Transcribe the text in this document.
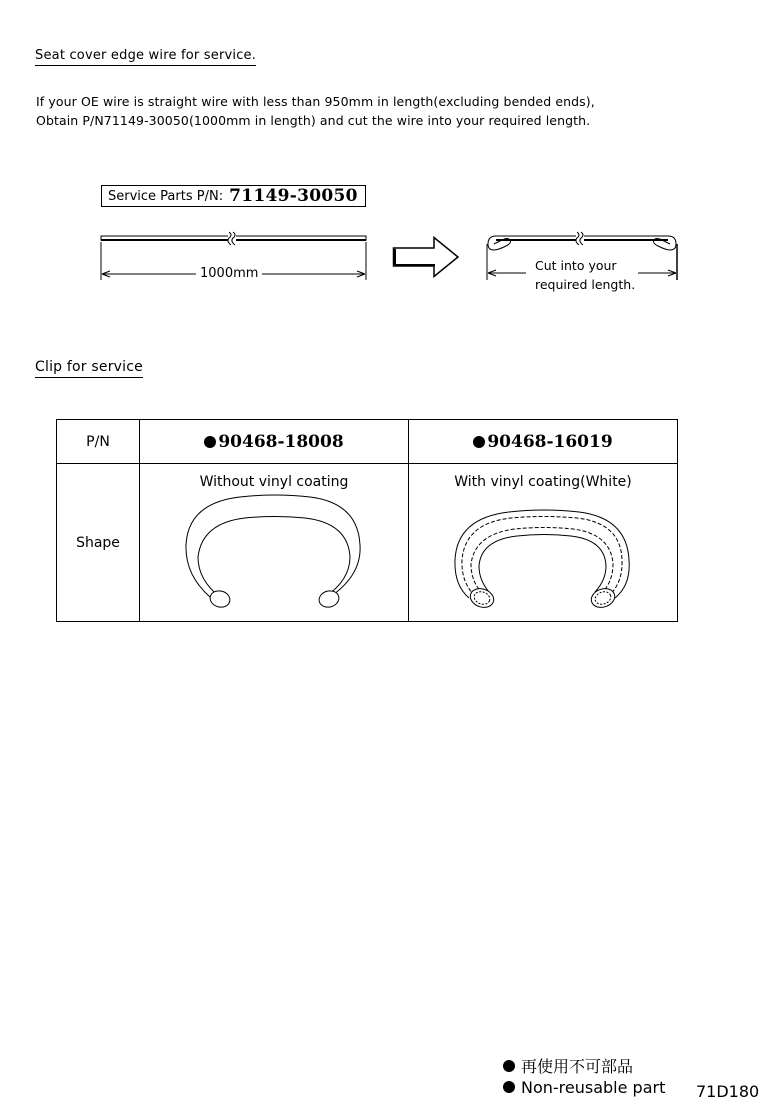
Seat cover edge wire for service.
If your OE wire is straight wire with less than 950mm in length(excluding bended ends),
Obtain P/N71149-30050(1000mm in length) and cut the wire into your required length.
Service Parts P/N: 71149-30050
1000mm
Cut into your
required length.
Clip for service
P/N	90468-18008	90468-16019
Shape	Without vinyl coating	With vinyl coating(White)
再使用不可部品
Non-reusable part 71D180
